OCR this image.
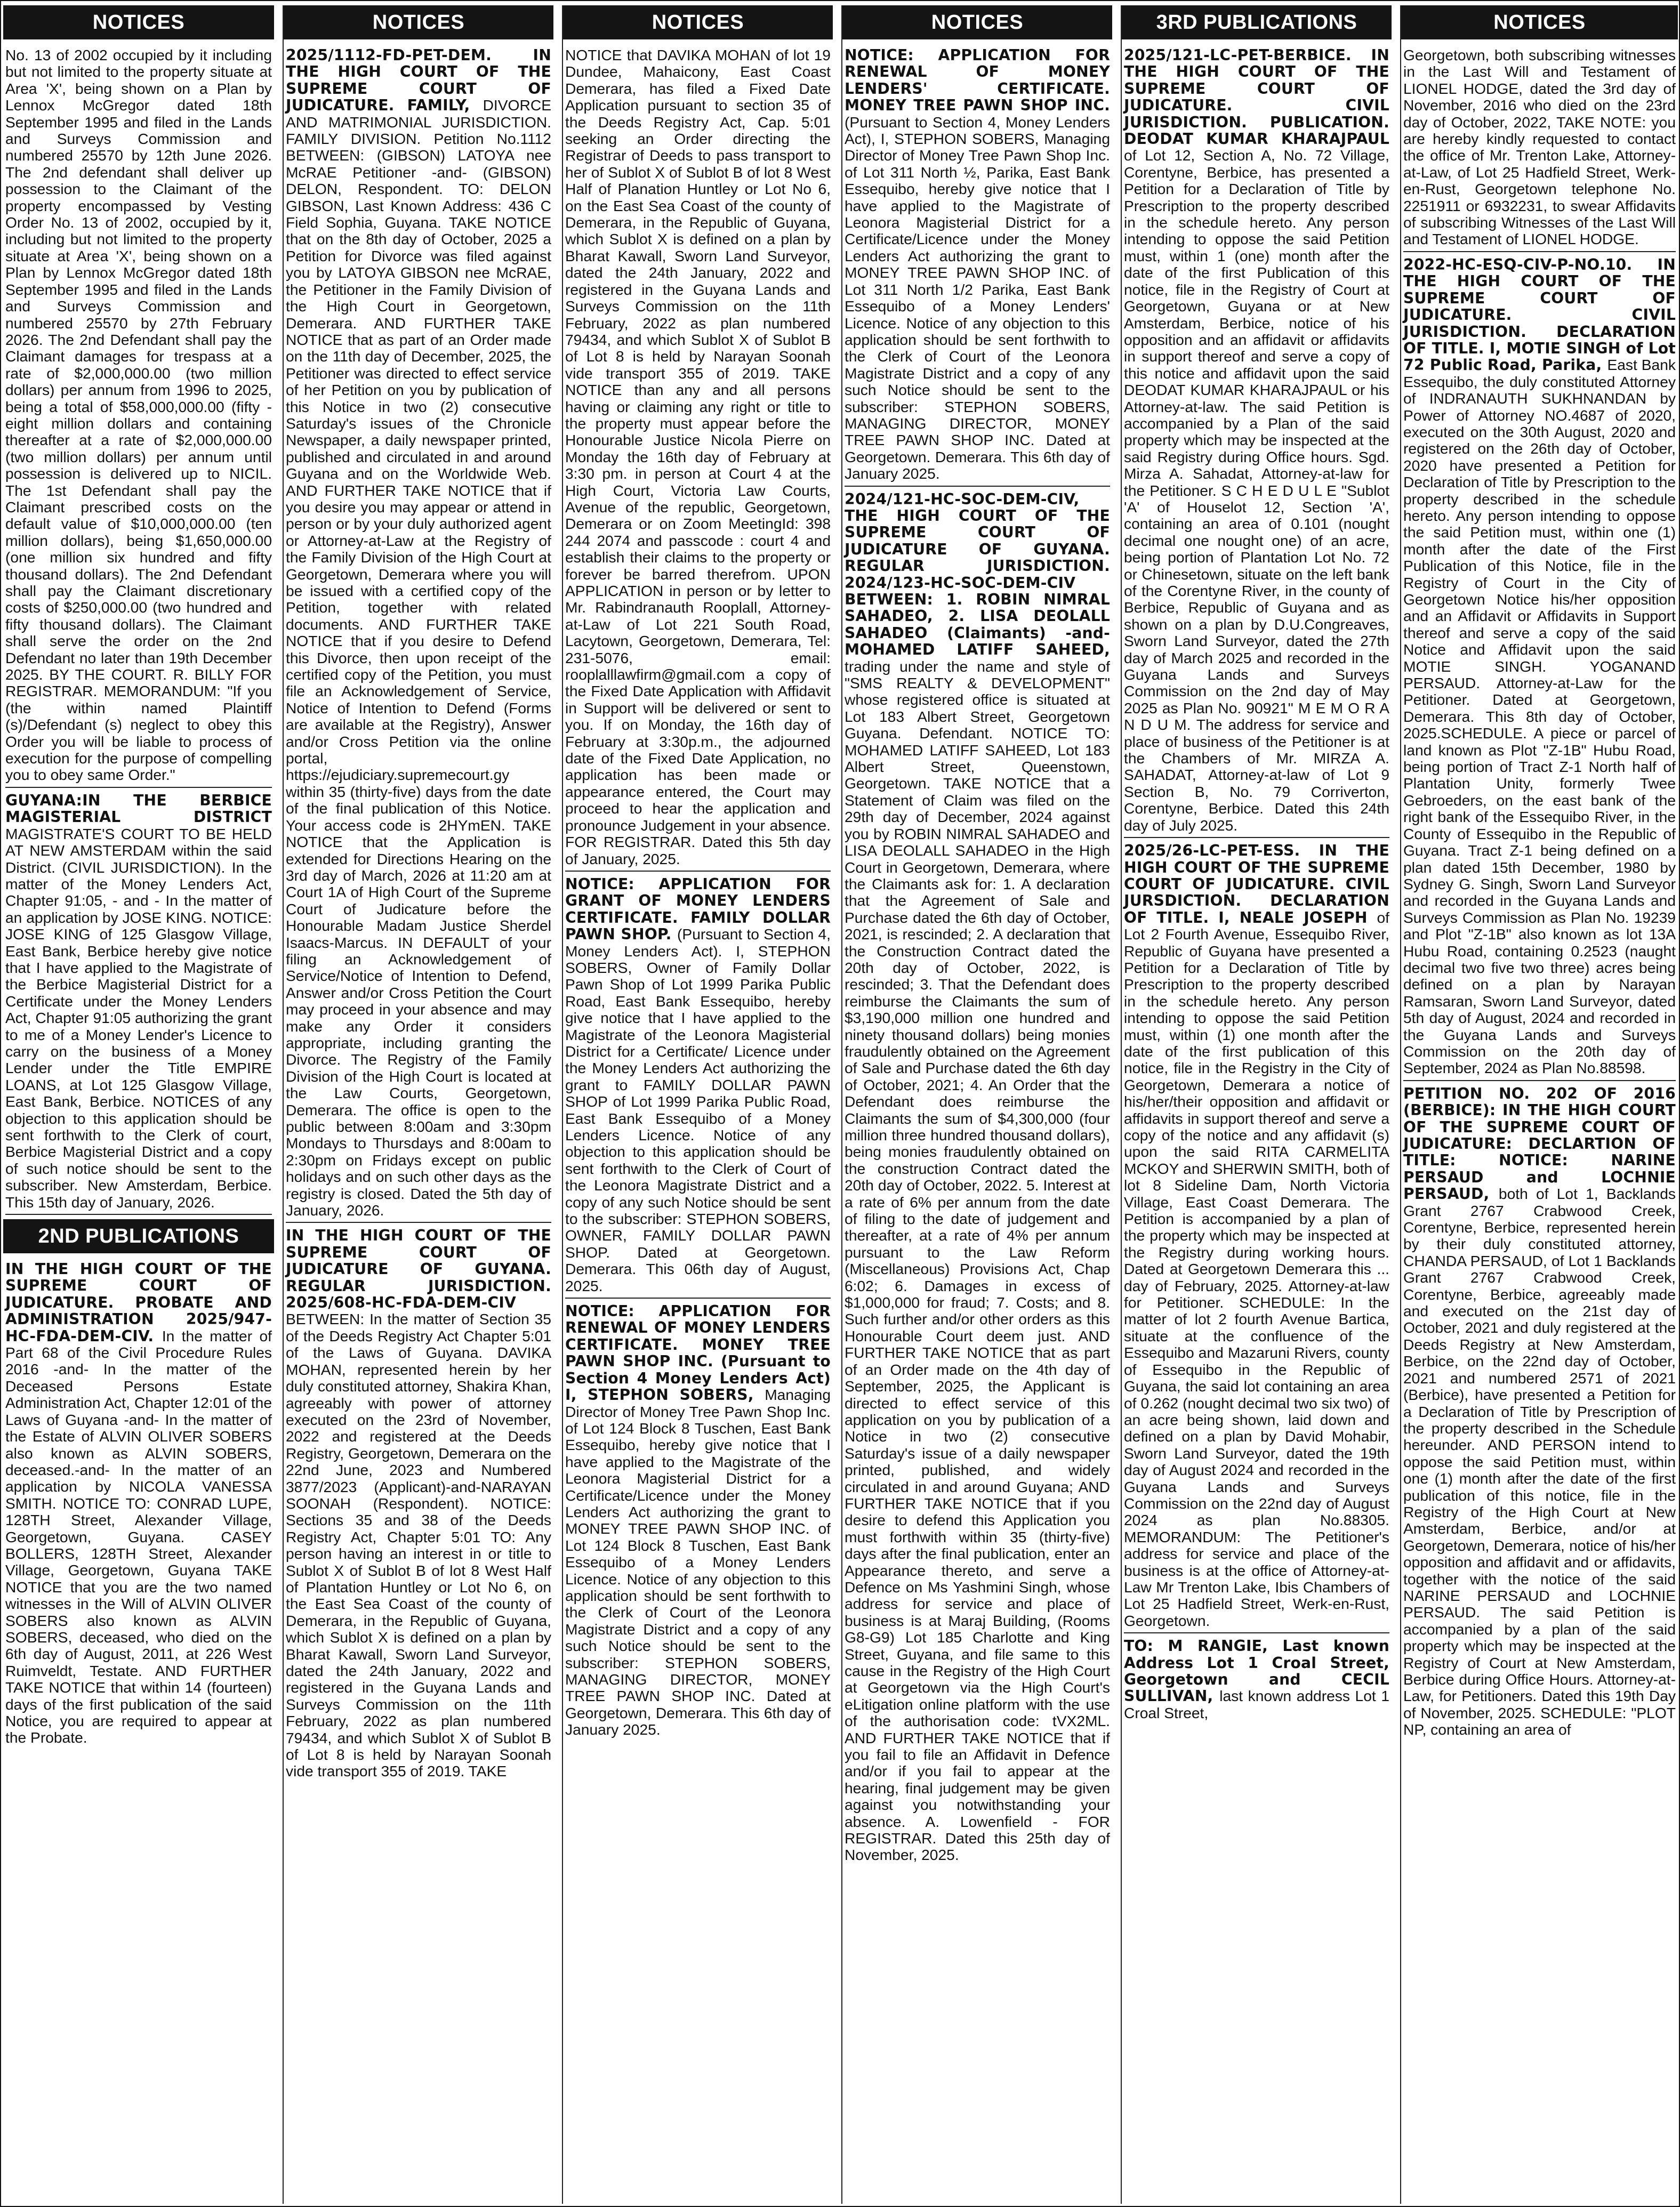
NOTICES
No. 13 of 2002 occupied by it including but not limited to the property situate at Area 'X', being shown on a Plan by Lennox McGregor dated 18th September 1995 and filed in the Lands and Surveys Commission and numbered 25570 by 12th June 2026. The 2nd defendant shall deliver up possession to the Claimant of the property encompassed by Vesting Order No. 13 of 2002, occupied by it, including but not limited to the property situate at Area 'X', being shown on a Plan by Lennox McGregor dated 18th September 1995 and filed in the Lands and Surveys Commission and numbered 25570 by 27th February 2026. The 2nd Defendant shall pay the Claimant damages for trespass at a rate of $2,000,000.00 (two million dollars) per annum from 1996 to 2025, being a total of $58,000,000.00 (fifty -eight million dollars and containing thereafter at a rate of $2,000,000.00 (two million dollars) per annum until possession is delivered up to NICIL. The 1st Defendant shall pay the Claimant prescribed costs on the default value of $10,000,000.00 (ten million dollars), being $1,650,000.00 (one million six hundred and fifty thousand dollars). The 2nd Defendant shall pay the Claimant discretionary costs of $250,000.00 (two hundred and fifty thousand dollars). The Claimant shall serve the order on the 2nd Defendant no later than 19th December 2025. BY THE COURT. R. BILLY FOR REGISTRAR. MEMORANDUM: "If you (the within named Plaintiff (s)/Defendant (s) neglect to obey this Order you will be liable to process of execution for the purpose of compelling you to obey same Order."
GUYANA:IN THE BERBICE MAGISTERIAL DISTRICT MAGISTRATE'S COURT TO BE HELD AT NEW AMSTERDAM within the said District. (CIVIL JURISDICTION). In the matter of the Money Lenders Act, Chapter 91:05, - and - In the matter of an application by JOSE KING. NOTICE: JOSE KING of 125 Glasgow Village, East Bank, Berbice hereby give notice that I have applied to the Magistrate of the Berbice Magisterial District for a Certificate under the Money Lenders Act, Chapter 91:05 authorizing the grant to me of a Money Lender's Licence to carry on the business of a Money Lender under the Title EMPIRE LOANS, at Lot 125 Glasgow Village, East Bank, Berbice. NOTICES of any objection to this application should be sent forthwith to the Clerk of court, Berbice Magisterial District and a copy of such notice should be sent to the subscriber. New Amsterdam, Berbice. This 15th day of January, 2026.
2ND PUBLICATIONS
IN THE HIGH COURT OF THE SUPREME COURT OF JUDICATURE. PROBATE AND ADMINISTRATION 2025/947-HC-FDA-DEM-CIV. In the matter of Part 68 of the Civil Procedure Rules 2016 -and- In the matter of the Deceased Persons Estate Administration Act, Chapter 12:01 of the Laws of Guyana -and- In the matter of the Estate of ALVIN OLIVER SOBERS also known as ALVIN SOBERS, deceased.-and- In the matter of an application by NICOLA VANESSA SMITH. NOTICE TO: CONRAD LUPE, 128TH Street, Alexander Village, Georgetown, Guyana. CASEY BOLLERS, 128TH Street, Alexander Village, Georgetown, Guyana TAKE NOTICE that you are the two named witnesses in the Will of ALVIN OLIVER SOBERS also known as ALVIN SOBERS, deceased, who died on the 6th day of August, 2011, at 226 West Ruimveldt, Testate. AND FURTHER TAKE NOTICE that within 14 (fourteen) days of the first publication of the said Notice, you are required to appear at the Probate.
NOTICES
2025/1112-FD-PET-DEM. IN THE HIGH COURT OF THE SUPREME COURT OF JUDICATURE. FAMILY, DIVORCE AND MATRIMONIAL JURISDICTION. FAMILY DIVISION. Petition No.1112 BETWEEN: (GIBSON) LATOYA nee McRAE Petitioner -and- (GIBSON) DELON, Respondent. TO: DELON GIBSON, Last Known Address: 436 C Field Sophia, Guyana. TAKE NOTICE that on the 8th day of October, 2025 a Petition for Divorce was filed against you by LATOYA GIBSON nee McRAE, the Petitioner in the Family Division of the High Court in Georgetown, Demerara. AND FURTHER TAKE NOTICE that as part of an Order made on the 11th day of December, 2025, the Petitioner was directed to effect service of her Petition on you by publication of this Notice in two (2) consecutive Saturday's issues of the Chronicle Newspaper, a daily newspaper printed, published and circulated in and around Guyana and on the Worldwide Web. AND FURTHER TAKE NOTICE that if you desire you may appear or attend in person or by your duly authorized agent or Attorney-at-Law at the Registry of the Family Division of the High Court at Georgetown, Demerara where you will be issued with a certified copy of the Petition, together with related documents. AND FURTHER TAKE NOTICE that if you desire to Defend this Divorce, then upon receipt of the certified copy of the Petition, you must file an Acknowledgement of Service, Notice of Intention to Defend (Forms are available at the Registry), Answer and/or Cross Petition via the online portal, https://ejudiciary.supremecourt.gy within 35 (thirty-five) days from the date of the final publication of this Notice. Your access code is 2HYmEN. TAKE NOTICE that the Application is extended for Directions Hearing on the 3rd day of March, 2026 at 11:20 am at Court 1A of High Court of the Supreme Court of Judicature before the Honourable Madam Justice Sherdel Isaacs-Marcus. IN DEFAULT of your filing an Acknowledgement of Service/Notice of Intention to Defend, Answer and/or Cross Petition the Court may proceed in your absence and may make any Order it considers appropriate, including granting the Divorce. The Registry of the Family Division of the High Court is located at the Law Courts, Georgetown, Demerara. The office is open to the public between 8:00am and 3:30pm Mondays to Thursdays and 8:00am to 2:30pm on Fridays except on public holidays and on such other days as the registry is closed. Dated the 5th day of January, 2026.
IN THE HIGH COURT OF THE SUPREME COURT OF JUDICATURE OF GUYANA. REGULAR JURISDICTION. 2025/608-HC-FDA-DEM-CIV BETWEEN: In the matter of Section 35 of the Deeds Registry Act Chapter 5:01 of the Laws of Guyana. DAVIKA MOHAN, represented herein by her duly constituted attorney, Shakira Khan, agreeably with power of attorney executed on the 23rd of November, 2022 and registered at the Deeds Registry, Georgetown, Demerara on the 22nd June, 2023 and Numbered 3877/2023 (Applicant)-and-NARAYAN SOONAH (Respondent). NOTICE: Sections 35 and 38 of the Deeds Registry Act, Chapter 5:01 TO: Any person having an interest in or title to Sublot X of Sublot B of lot 8 West Half of Plantation Huntley or Lot No 6, on the East Sea Coast of the county of Demerara, in the Republic of Guyana, which Sublot X is defined on a plan by Bharat Kawall, Sworn Land Surveyor, dated the 24th January, 2022 and registered in the Guyana Lands and Surveys Commission on the 11th February, 2022 as plan numbered 79434, and which Sublot X of Sublot B of Lot 8 is held by Narayan Soonah vide transport 355 of 2019. TAKE
NOTICES
NOTICE that DAVIKA MOHAN of lot 19 Dundee, Mahaicony, East Coast Demerara, has filed a Fixed Date Application pursuant to section 35 of the Deeds Registry Act, Cap. 5:01 seeking an Order directing the Registrar of Deeds to pass transport to her of Sublot X of Sublot B of lot 8 West Half of Planation Huntley or Lot No 6, on the East Sea Coast of the county of Demerara, in the Republic of Guyana, which Sublot X is defined on a plan by Bharat Kawall, Sworn Land Surveyor, dated the 24th January, 2022 and registered in the Guyana Lands and Surveys Commission on the 11th February, 2022 as plan numbered 79434, and which Sublot X of Sublot B of Lot 8 is held by Narayan Soonah vide transport 355 of 2019. TAKE NOTICE than any and all persons having or claiming any right or title to the property must appear before the Honourable Justice Nicola Pierre on Monday the 16th day of February at 3:30 pm. in person at Court 4 at the High Court, Victoria Law Courts, Avenue of the republic, Georgetown, Demerara or on Zoom MeetingId: 398 244 2074 and passcode : court 4 and establish their claims to the property or forever be barred therefrom. UPON APPLICATION in person or by letter to Mr. Rabindranauth Rooplall, Attorney-at-Law of Lot 221 South Road, Lacytown, Georgetown, Demerara, Tel: 231-5076, email: rooplalllawfirm@gmail.com a copy of the Fixed Date Application with Affidavit in Support will be delivered or sent to you. If on Monday, the 16th day of February at 3:30p.m., the adjourned date of the Fixed Date Application, no application has been made or appearance entered, the Court may proceed to hear the application and pronounce Judgement in your absence. FOR REGISTRAR. Dated this 5th day of January, 2025.
NOTICE: APPLICATION FOR GRANT OF MONEY LENDERS CERTIFICATE. FAMILY DOLLAR PAWN SHOP. (Pursuant to Section 4, Money Lenders Act). I, STEPHON SOBERS, Owner of Family Dollar Pawn Shop of Lot 1999 Parika Public Road, East Bank Essequibo, hereby give notice that I have applied to the Magistrate of the Leonora Magisterial District for a Certificate/ Licence under the Money Lenders Act authorizing the grant to FAMILY DOLLAR PAWN SHOP of Lot 1999 Parika Public Road, East Bank Essequibo of a Money Lenders Licence. Notice of any objection to this application should be sent forthwith to the Clerk of Court of the Leonora Magistrate District and a copy of any such Notice should be sent to the subscriber: STEPHON SOBERS, OWNER, FAMILY DOLLAR PAWN SHOP. Dated at Georgetown. Demerara. This 06th day of August, 2025.
NOTICE: APPLICATION FOR RENEWAL OF MONEY LENDERS CERTIFICATE. MONEY TREE PAWN SHOP INC. (Pursuant to Section 4 Money Lenders Act) I, STEPHON SOBERS, Managing Director of Money Tree Pawn Shop Inc. of Lot 124 Block 8 Tuschen, East Bank Essequibo, hereby give notice that I have applied to the Magistrate of the Leonora Magisterial District for a Certificate/Licence under the Money Lenders Act authorizing the grant to MONEY TREE PAWN SHOP INC. of Lot 124 Block 8 Tuschen, East Bank Essequibo of a Money Lenders Licence. Notice of any objection to this application should be sent forthwith to the Clerk of Court of the Leonora Magistrate District and a copy of any such Notice should be sent to the subscriber: STEPHON SOBERS, MANAGING DIRECTOR, MONEY TREE PAWN SHOP INC. Dated at Georgetown, Demerara. This 6th day of January 2025.
NOTICES
NOTICE: APPLICATION FOR RENEWAL OF MONEY LENDERS' CERTIFICATE. MONEY TREE PAWN SHOP INC. (Pursuant to Section 4, Money Lenders Act), I, STEPHON SOBERS, Managing Director of Money Tree Pawn Shop Inc. of Lot 311 North ½, Parika, East Bank Essequibo, hereby give notice that I have applied to the Magistrate of Leonora Magisterial District for a Certificate/Licence under the Money Lenders Act authorizing the grant to MONEY TREE PAWN SHOP INC. of Lot 311 North 1/2 Parika, East Bank Essequibo of a Money Lenders' Licence. Notice of any objection to this application should be sent forthwith to the Clerk of Court of the Leonora Magistrate District and a copy of any such Notice should be sent to the subscriber: STEPHON SOBERS, MANAGING DIRECTOR, MONEY TREE PAWN SHOP INC. Dated at Georgetown. Demerara. This 6th day of January 2025.
2024/121-HC-SOC-DEM-CIV, THE HIGH COURT OF THE SUPREME COURT OF JUDICATURE OF GUYANA. REGULAR JURISDICTION. 2024/123-HC-SOC-DEM-CIV BETWEEN: 1. ROBIN NIMRAL SAHADEO, 2. LISA DEOLALL SAHADEO (Claimants) -and- MOHAMED LATIFF SAHEED, trading under the name and style of "SMS REALTY & DEVELOPMENT" whose registered office is situated at Lot 183 Albert Street, Georgetown Guyana. Defendant. NOTICE TO: MOHAMED LATIFF SAHEED, Lot 183 Albert Street, Queenstown, Georgetown. TAKE NOTICE that a Statement of Claim was filed on the 29th day of December, 2024 against you by ROBIN NIMRAL SAHADEO and LISA DEOLALL SAHADEO in the High Court in Georgetown, Demerara, where the Claimants ask for: 1. A declaration that the Agreement of Sale and Purchase dated the 6th day of October, 2021, is rescinded; 2. A declaration that the Construction Contract dated the 20th day of October, 2022, is rescinded; 3. That the Defendant does reimburse the Claimants the sum of $3,190,000 million one hundred and ninety thousand dollars) being monies fraudulently obtained on the Agreement of Sale and Purchase dated the 6th day of October, 2021; 4. An Order that the Defendant does reimburse the Claimants the sum of $4,300,000 (four million three hundred thousand dollars), being monies fraudulently obtained on the construction Contract dated the 20th day of October, 2022. 5. Interest at a rate of 6% per annum from the date of filing to the date of judgement and thereafter, at a rate of 4% per annum pursuant to the Law Reform (Miscellaneous) Provisions Act, Chap 6:02; 6. Damages in excess of $1,000,000 for fraud; 7. Costs; and 8. Such further and/or other orders as this Honourable Court deem just. AND FURTHER TAKE NOTICE that as part of an Order made on the 4th day of September, 2025, the Applicant is directed to effect service of this application on you by publication of a Notice in two (2) consecutive Saturday's issue of a daily newspaper printed, published, and widely circulated in and around Guyana; AND FURTHER TAKE NOTICE that if you desire to defend this Application you must forthwith within 35 (thirty-five) days after the final publication, enter an Appearance thereto, and serve a Defence on Ms Yashmini Singh, whose address for service and place of business is at Maraj Building, (Rooms G8-G9) Lot 185 Charlotte and King Street, Guyana, and file same to this cause in the Registry of the High Court at Georgetown via the High Court's eLitigation online platform with the use of the authorisation code: tVX2ML. AND FURTHER TAKE NOTICE that if you fail to file an Affidavit in Defence and/or if you fail to appear at the hearing, final judgement may be given against you notwithstanding your absence. A. Lowenfield - FOR REGISTRAR. Dated this 25th day of November, 2025.
3RD PUBLICATIONS
2025/121-LC-PET-BERBICE. IN THE HIGH COURT OF THE SUPREME COURT OF JUDICATURE. CIVIL JURISDICTION. PUBLICATION. DEODAT KUMAR KHARAJPAUL of Lot 12, Section A, No. 72 Village, Corentyne, Berbice, has presented a Petition for a Declaration of Title by Prescription to the property described in the schedule hereto. Any person intending to oppose the said Petition must, within 1 (one) month after the date of the first Publication of this notice, file in the Registry of Court at Georgetown, Guyana or at New Amsterdam, Berbice, notice of his opposition and an affidavit or affidavits in support thereof and serve a copy of this notice and affidavit upon the said DEODAT KUMAR KHARAJPAUL or his Attorney-at-law. The said Petition is accompanied by a Plan of the said property which may be inspected at the said Registry during Office hours. Sgd. Mirza A. Sahadat, Attorney-at-law for the Petitioner. S C H E D U L E "Sublot 'A' of Houselot 12, Section 'A', containing an area of 0.101 (nought decimal one nought one) of an acre, being portion of Plantation Lot No. 72 or Chinesetown, situate on the left bank of the Corentyne River, in the county of Berbice, Republic of Guyana and as shown on a plan by D.U.Congreaves, Sworn Land Surveyor, dated the 27th day of March 2025 and recorded in the Guyana Lands and Surveys Commission on the 2nd day of May 2025 as Plan No. 90921" M E M O R A N D U M. The address for service and place of business of the Petitioner is at the Chambers of Mr. MIRZA A. SAHADAT, Attorney-at-law of Lot 9 Section B, No. 79 Corriverton, Corentyne, Berbice. Dated this 24th day of July 2025.
2025/26-LC-PET-ESS. IN THE HIGH COURT OF THE SUPREME COURT OF JUDICATURE. CIVIL JURSDICTION. DECLARATION OF TITLE. I, NEALE JOSEPH of Lot 2 Fourth Avenue, Essequibo River, Republic of Guyana have presented a Petition for a Declaration of Title by Prescription to the property described in the schedule hereto. Any person intending to oppose the said Petition must, within (1) one month after the date of the first publication of this notice, file in the Registry in the City of Georgetown, Demerara a notice of his/her/their opposition and affidavit or affidavits in support thereof and serve a copy of the notice and any affidavit (s) upon the said RITA CARMELITA MCKOY and SHERWIN SMITH, both of lot 8 Sideline Dam, North Victoria Village, East Coast Demerara. The Petition is accompanied by a plan of the property which may be inspected at the Registry during working hours. Dated at Georgetown Demerara this ... day of February, 2025. Attorney-at-law for Petitioner. SCHEDULE: In the matter of lot 2 fourth Avenue Bartica, situate at the confluence of the Essequibo and Mazaruni Rivers, county of Essequibo in the Republic of Guyana, the said lot containing an area of 0.262 (nought decimal two six two) of an acre being shown, laid down and defined on a plan by David Mohabir, Sworn Land Surveyor, dated the 19th day of August 2024 and recorded in the Guyana Lands and Surveys Commission on the 22nd day of August 2024 as plan No.88305. MEMORANDUM: The Petitioner's address for service and place of the business is at the office of Attorney-at-Law Mr Trenton Lake, Ibis Chambers of Lot 25 Hadfield Street, Werk-en-Rust, Georgetown.
TO: M RANGIE, Last known Address Lot 1 Croal Street, Georgetown and CECIL SULLIVAN, last known address Lot 1 Croal Street,
NOTICES
Georgetown, both subscribing witnesses in the Last Will and Testament of LIONEL HODGE, dated the 3rd day of November, 2016 who died on the 23rd day of October, 2022, TAKE NOTE: you are hereby kindly requested to contact the office of Mr. Trenton Lake, Attorney-at-Law, of Lot 25 Hadfield Street, Werk-en-Rust, Georgetown telephone No. 2251911 or 6932231, to swear Affidavits of subscribing Witnesses of the Last Will and Testament of LIONEL HODGE.
2022-HC-ESQ-CIV-P-NO.10. IN THE HIGH COURT OF THE SUPREME COURT OF JUDICATURE. CIVIL JURISDICTION. DECLARATION OF TITLE. I, MOTIE SINGH of Lot 72 Public Road, Parika, East Bank Essequibo, the duly constituted Attorney of INDRANAUTH SUKHNANDAN by Power of Attorney NO.4687 of 2020, executed on the 30th August, 2020 and registered on the 26th day of October, 2020 have presented a Petition for Declaration of Title by Prescription to the property described in the schedule hereto. Any person intending to oppose the said Petition must, within one (1) month after the date of the First Publication of this Notice, file in the Registry of Court in the City of Georgetown Notice his/her opposition and an Affidavit or Affidavits in Support thereof and serve a copy of the said Notice and Affidavit upon the said MOTIE SINGH. YOGANAND PERSAUD. Attorney-at-Law for the Petitioner. Dated at Georgetown, Demerara. This 8th day of October, 2025.SCHEDULE. A piece or parcel of land known as Plot "Z-1B" Hubu Road, being portion of Tract Z-1 North half of Plantation Unity, formerly Twee Gebroeders, on the east bank of the right bank of the Essequibo River, in the County of Essequibo in the Republic of Guyana. Tract Z-1 being defined on a plan dated 15th December, 1980 by Sydney G. Singh, Sworn Land Surveyor and recorded in the Guyana Lands and Surveys Commission as Plan No. 19239 and Plot "Z-1B" also known as lot 13A Hubu Road, containing 0.2523 (naught decimal two five two three) acres being defined on a plan by Narayan Ramsaran, Sworn Land Surveyor, dated 5th day of August, 2024 and recorded in the Guyana Lands and Surveys Commission on the 20th day of September, 2024 as Plan No.88598.
PETITION NO. 202 OF 2016 (BERBICE): IN THE HIGH COURT OF THE SUPREME COURT OF JUDICATURE: DECLARTION OF TITLE: NOTICE: NARINE PERSAUD and LOCHNIE PERSAUD, both of Lot 1, Backlands Grant 2767 Crabwood Creek, Corentyne, Berbice, represented herein by their duly constituted attorney, CHANDA PERSAUD, of Lot 1 Backlands Grant 2767 Crabwood Creek, Corentyne, Berbice, agreeably made and executed on the 21st day of October, 2021 and duly registered at the Deeds Registry at New Amsterdam, Berbice, on the 22nd day of October, 2021 and numbered 2571 of 2021 (Berbice), have presented a Petition for a Declaration of Title by Prescription of the property described in the Schedule hereunder. AND PERSON intend to oppose the said Petition must, within one (1) month after the date of the first publication of this notice, file in the Registry of the High Court at New Amsterdam, Berbice, and/or at Georgetown, Demerara, notice of his/her opposition and affidavit and or affidavits, together with the notice of the said NARINE PERSAUD and LOCHNIE PERSAUD. The said Petition is accompanied by a plan of the said property which may be inspected at the Registry of Court at New Amsterdam, Berbice during Office Hours. Attorney-at-Law, for Petitioners. Dated this 19th Day of November, 2025. SCHEDULE: "PLOT NP, containing an area of
